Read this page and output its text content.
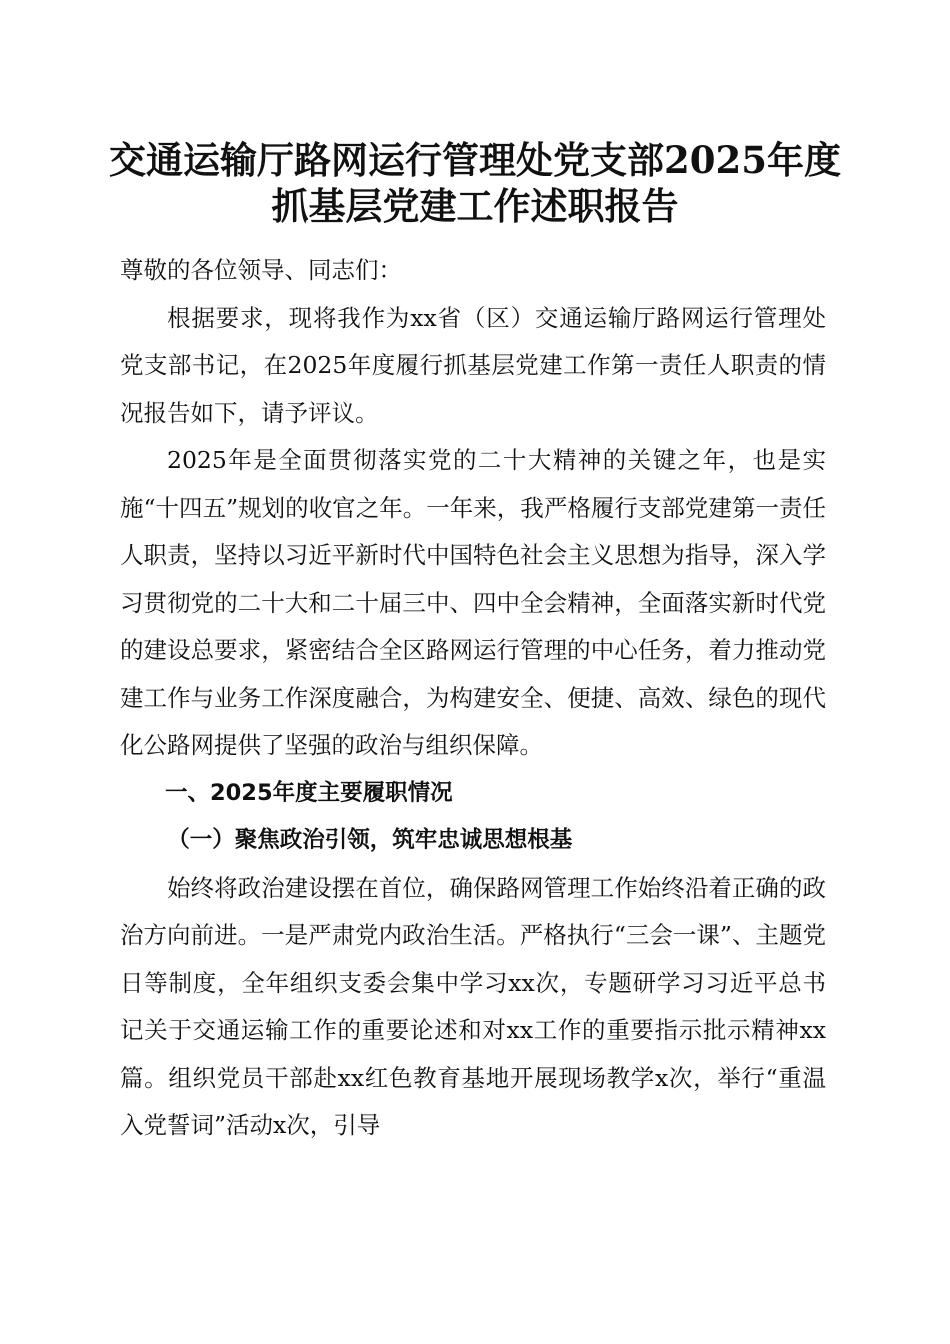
交通运输厅路网运行管理处党支部2025年度
抓基层党建工作述职报告

尊敬的各位领导、同志们：

根据要求，现将我作为xx省（区）交通运输厅路网运行管理处党支部书记，在2025年度履行抓基层党建工作第一责任人职责的情况报告如下，请予评议。

2025年是全面贯彻落实党的二十大精神的关键之年，也是实施“十四五”规划的收官之年。一年来，我严格履行支部党建第一责任人职责，坚持以习近平新时代中国特色社会主义思想为指导，深入学习贯彻党的二十大和二十届三中、四中全会精神，全面落实新时代党的建设总要求，紧密结合全区路网运行管理的中心任务，着力推动党建工作与业务工作深度融合，为构建安全、便捷、高效、绿色的现代化公路网提供了坚强的政治与组织保障。

一、2025年度主要履职情况

（一）聚焦政治引领，筑牢忠诚思想根基

始终将政治建设摆在首位，确保路网管理工作始终沿着正确的政治方向前进。一是严肃党内政治生活。严格执行“三会一课”、主题党日等制度，全年组织支委会集中学习xx次，专题研学习习近平总书记关于交通运输工作的重要论述和对xx工作的重要指示批示精神xx篇。组织党员干部赴xx红色教育基地开展现场教学x次，举行“重温入党誓词”活动x次，引导
